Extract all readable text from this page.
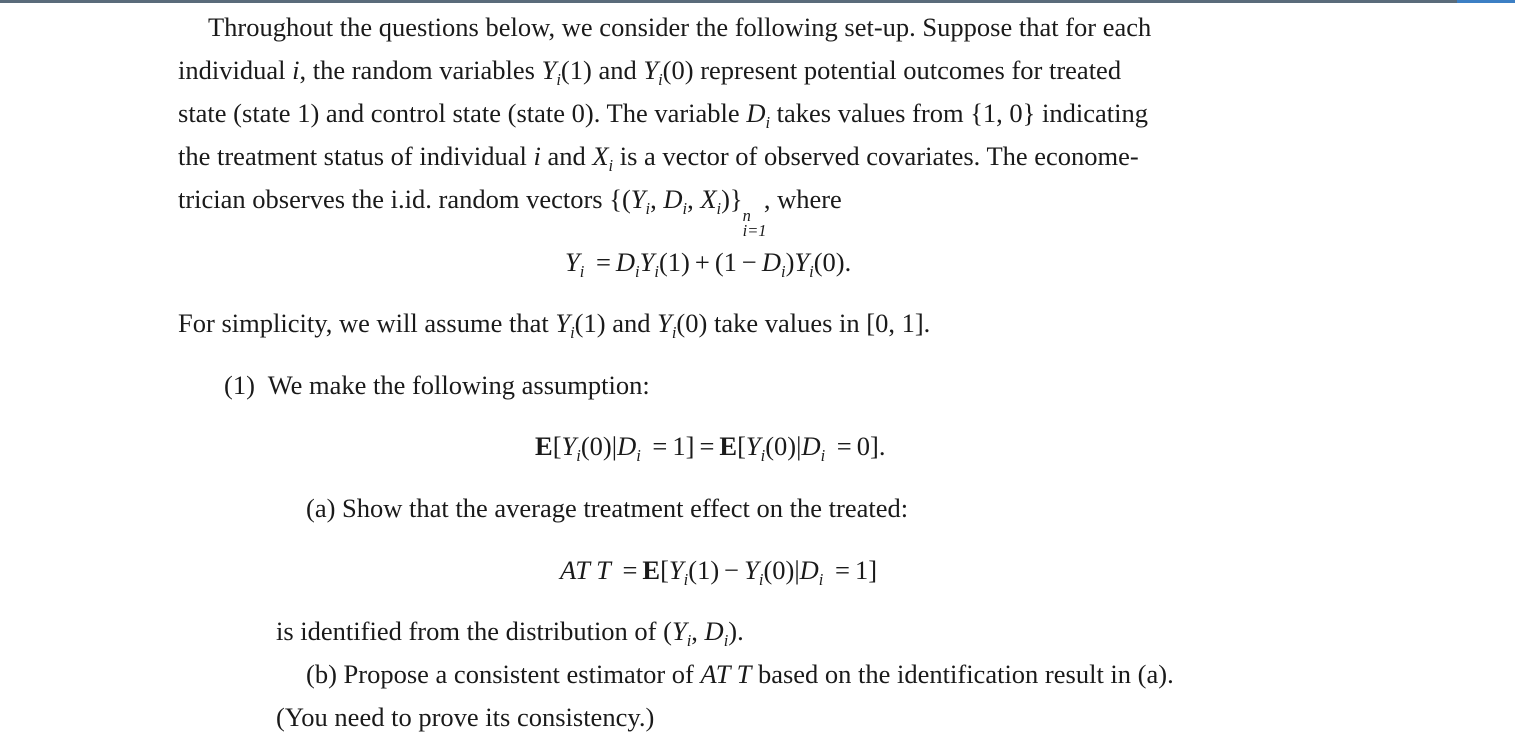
Throughout the questions below, we consider the following set-up. Suppose that for each
individual i, the random variables $Y_i(1)$ and $Y_i(0)$ represent potential outcomes for treated
state (state 1) and control state (state 0). The variable $D_i$ takes values from {1, 0} indicating
the treatment status of individual i and $X_i$ is a vector of observed covariates. The econome-
trician observes the i.id. random vectors {($Y_i$, $D_i$, $X_i$)}
n
i=1
, where
$Y_i = D_iY_i(1) + (1 - D_i)Y_i(0)$.
For simplicity, we will assume that $Y_i(1)$ and $Y_i(0)$ take values in [0, 1].
(1) We make the following assumption:
$E[Y_i(0)|D_i = 1] = E[Y_i(0)|D_i = 0]$.
(a) Show that the average treatment effect on the treated:
AT $T = E[Y_i(1) - Y_i(0)|D_i = 1]$
is identified from the distribution of ($Y_i$, $D_i$).
(b) Propose a consistent estimator of AT T based on the identification result in (a).
(You need to prove its consistency.)
